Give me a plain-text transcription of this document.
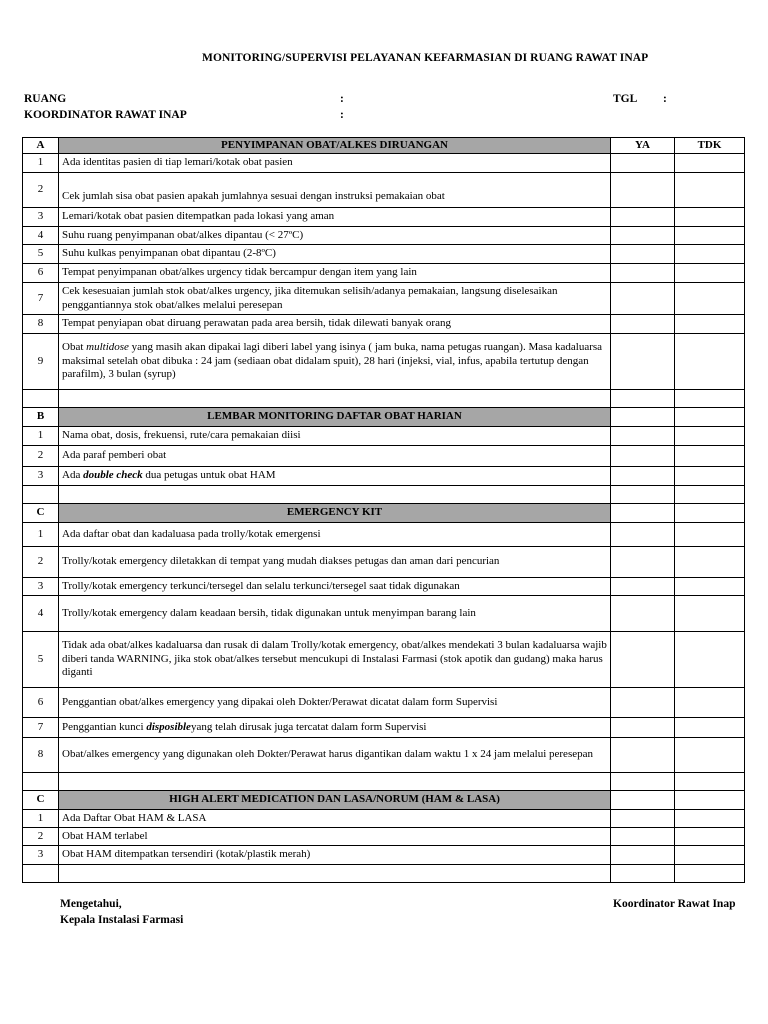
MONITORING/SUPERVISI PELAYANAN KEFARMASIAN DI RUANG RAWAT INAP
RUANG	:	TGL :
KOORDINATOR RAWAT INAP	:
A	PENYIMPANAN OBAT/ALKES DIRUANGAN	YA	TDK
1	Ada identitas pasien di tiap lemari/kotak obat pasien		
2	Cek jumlah sisa obat pasien apakah jumlahnya sesuai dengan instruksi pemakaian obat		
3	Lemari/kotak obat pasien ditempatkan pada lokasi yang aman		
4	Suhu ruang penyimpanan obat/alkes dipantau (< 27ºC)		
5	Suhu kulkas penyimpanan obat dipantau (2-8ºC)		
6	Tempat penyimpanan obat/alkes urgency tidak bercampur dengan item yang lain		
7	Cek kesesuaian jumlah stok obat/alkes urgency, jika ditemukan selisih/adanya pemakaian, langsung diselesaikan penggantiannya stok obat/alkes melalui peresepan		
8	Tempat penyiapan obat diruang perawatan pada area bersih, tidak dilewati banyak orang		
9	Obat multidose yang masih akan dipakai lagi diberi label yang isinya ( jam buka, nama petugas ruangan). Masa kadaluarsa maksimal setelah obat dibuka : 24 jam (sediaan obat didalam spuit), 28 hari (injeksi, vial, infus, apabila tertutup dengan parafilm), 3 bulan (syrup)		

B	LEMBAR MONITORING DAFTAR OBAT HARIAN		
1	Nama obat, dosis, frekuensi, rute/cara pemakaian diisi		
2	Ada paraf pemberi obat		
3	Ada double check dua petugas untuk obat HAM		

C	EMERGENCY KIT		
1	Ada daftar obat dan kadaluasa pada trolly/kotak emergensi		
2	Trolly/kotak emergency diletakkan di tempat yang mudah diakses petugas dan aman dari pencurian		
3	Trolly/kotak emergency terkunci/tersegel dan selalu terkunci/tersegel saat tidak digunakan		
4	Trolly/kotak emergency dalam keadaan bersih, tidak digunakan untuk menyimpan barang lain		
5	Tidak ada obat/alkes kadaluarsa dan rusak di dalam Trolly/kotak emergency, obat/alkes mendekati 3 bulan kadaluarsa wajib diberi tanda WARNING, jika stok obat/alkes tersebut mencukupi di Instalasi Farmasi (stok apotik dan gudang) maka harus diganti		
6	Penggantian obat/alkes emergency yang dipakai oleh Dokter/Perawat dicatat dalam form Supervisi		
7	Penggantian kunci disposibleyang telah dirusak juga tercatat dalam form Supervisi		
8	Obat/alkes emergency yang digunakan oleh Dokter/Perawat harus digantikan dalam waktu 1 x 24 jam melalui peresepan		

C	HIGH ALERT MEDICATION DAN LASA/NORUM (HAM & LASA)		
1	Ada Daftar Obat HAM & LASA		
2	Obat HAM terlabel		
3	Obat HAM ditempatkan tersendiri (kotak/plastik merah)		

Mengetahui,
Kepala Instalasi Farmasi
Koordinator Rawat Inap
